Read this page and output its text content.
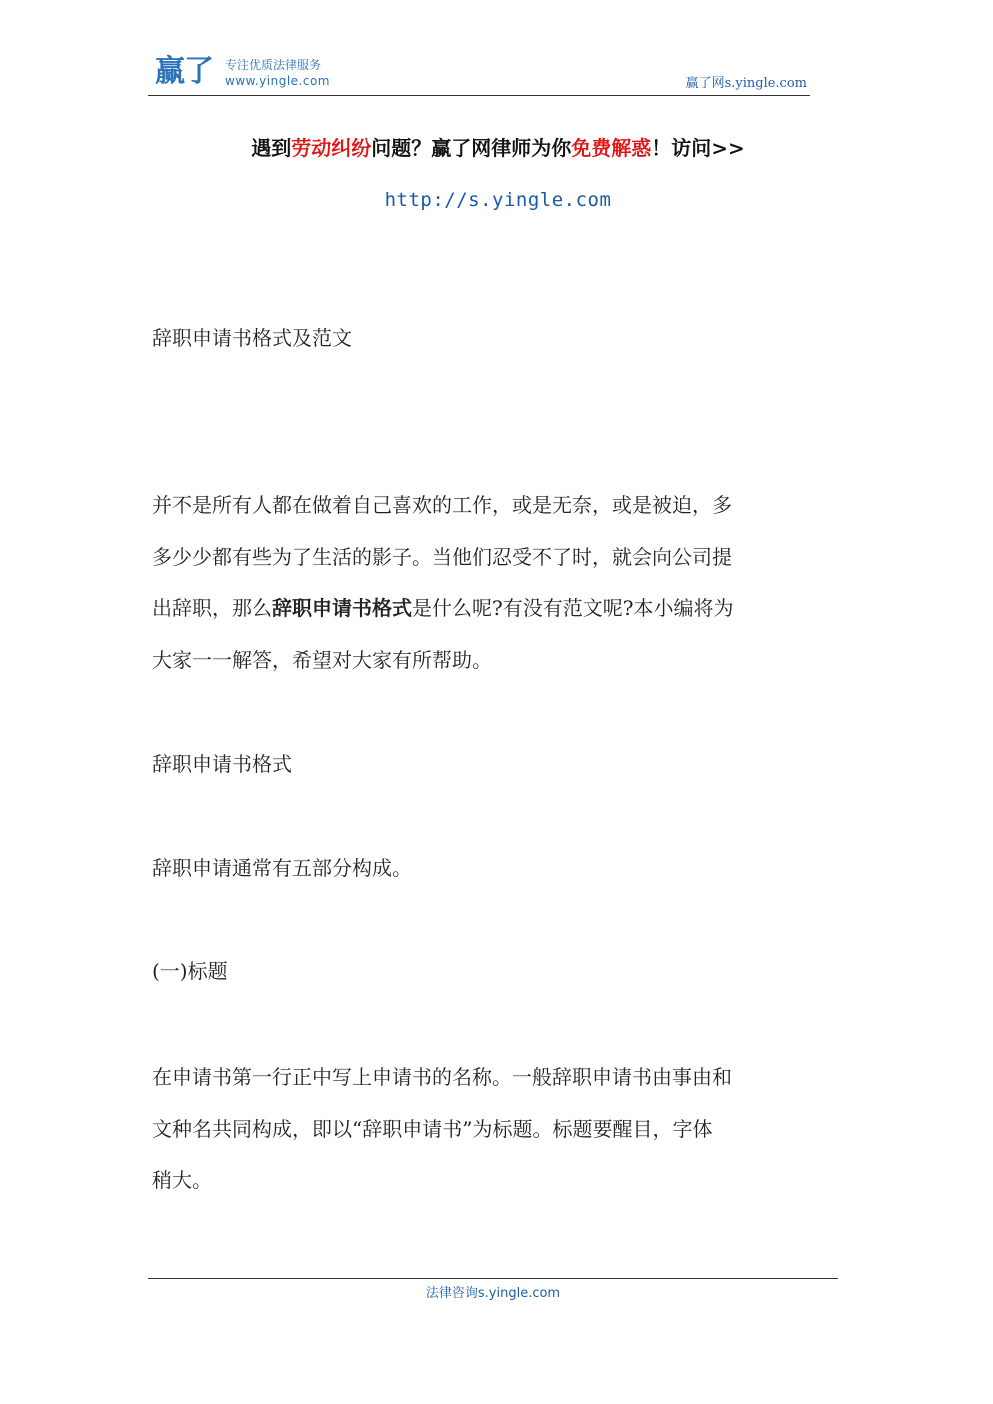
赢了 专注优质法律服务
www.yingle.com	赢了网s.yingle.com
遇到劳动纠纷问题？赢了网律师为你免费解惑！访问>>
http://s.yingle.com
辞职申请书格式及范文
并不是所有人都在做着自己喜欢的工作，或是无奈，或是被迫，多
多少少都有些为了生活的影子。当他们忍受不了时，就会向公司提
出辞职，那么辞职申请书格式是什么呢?有没有范文呢?本小编将为
大家一一解答，希望对大家有所帮助。
辞职申请书格式
辞职申请通常有五部分构成。
(一)标题
在申请书第一行正中写上申请书的名称。一般辞职申请书由事由和
文种名共同构成，即以“辞职申请书”为标题。标题要醒目，字体
稍大。
法律咨询s.yingle.com
